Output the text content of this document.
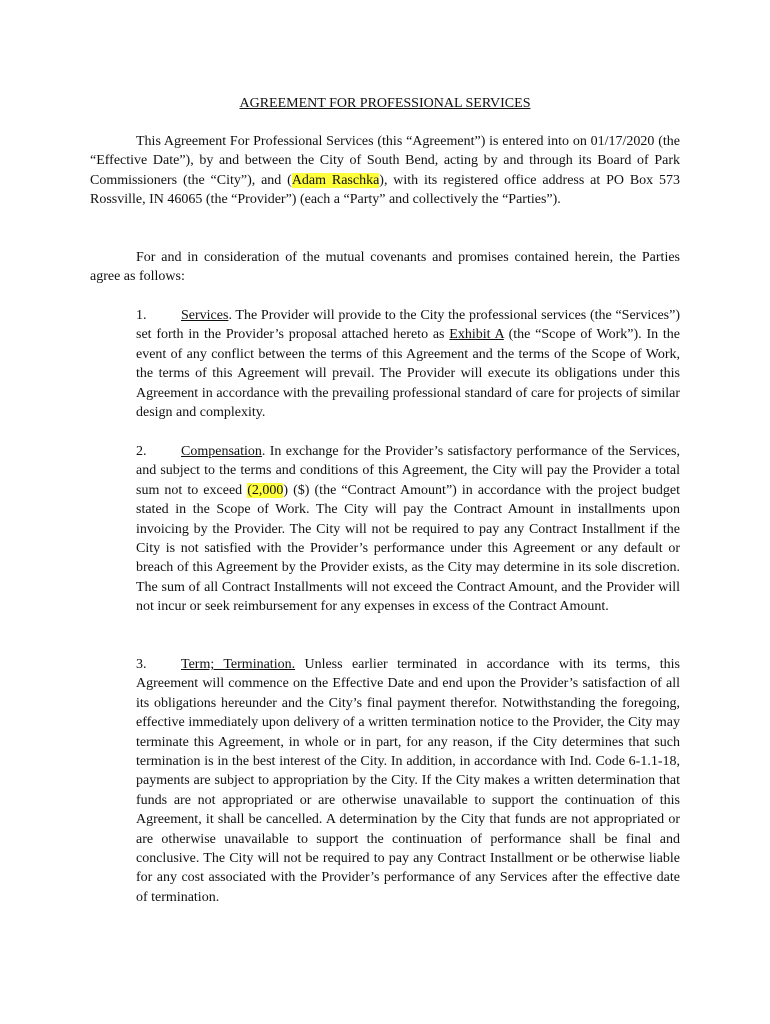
AGREEMENT FOR PROFESSIONAL SERVICES

This Agreement For Professional Services (this “Agreement”) is entered into on 01/17/2020 (the “Effective Date”), by and between the City of South Bend, acting by and through its Board of Park Commissioners (the “City”), and (Adam Raschka), with its registered office address at PO Box 573 Rossville, IN 46065 (the “Provider”) (each a “Party” and collectively the “Parties”).

For and in consideration of the mutual covenants and promises contained herein, the Parties agree as follows:

1. Services. The Provider will provide to the City the professional services (the “Services”) set forth in the Provider’s proposal attached hereto as Exhibit A (the “Scope of Work”). In the event of any conflict between the terms of this Agreement and the terms of the Scope of Work, the terms of this Agreement will prevail. The Provider will execute its obligations under this Agreement in accordance with the prevailing professional standard of care for projects of similar design and complexity.

2. Compensation. In exchange for the Provider’s satisfactory performance of the Services, and subject to the terms and conditions of this Agreement, the City will pay the Provider a total sum not to exceed (2,000) ($) (the “Contract Amount”) in accordance with the project budget stated in the Scope of Work. The City will pay the Contract Amount in installments upon invoicing by the Provider. The City will not be required to pay any Contract Installment if the City is not satisfied with the Provider’s performance under this Agreement or any default or breach of this Agreement by the Provider exists, as the City may determine in its sole discretion. The sum of all Contract Installments will not exceed the Contract Amount, and the Provider will not incur or seek reimbursement for any expenses in excess of the Contract Amount.

3. Term; Termination. Unless earlier terminated in accordance with its terms, this Agreement will commence on the Effective Date and end upon the Provider’s satisfaction of all its obligations hereunder and the City’s final payment therefor. Notwithstanding the foregoing, effective immediately upon delivery of a written termination notice to the Provider, the City may terminate this Agreement, in whole or in part, for any reason, if the City determines that such termination is in the best interest of the City. In addition, in accordance with Ind. Code 6-1.1-18, payments are subject to appropriation by the City. If the City makes a written determination that funds are not appropriated or are otherwise unavailable to support the continuation of this Agreement, it shall be cancelled. A determination by the City that funds are not appropriated or are otherwise unavailable to support the continuation of performance shall be final and conclusive. The City will not be required to pay any Contract Installment or be otherwise liable for any cost associated with the Provider’s performance of any Services after the effective date of termination.
